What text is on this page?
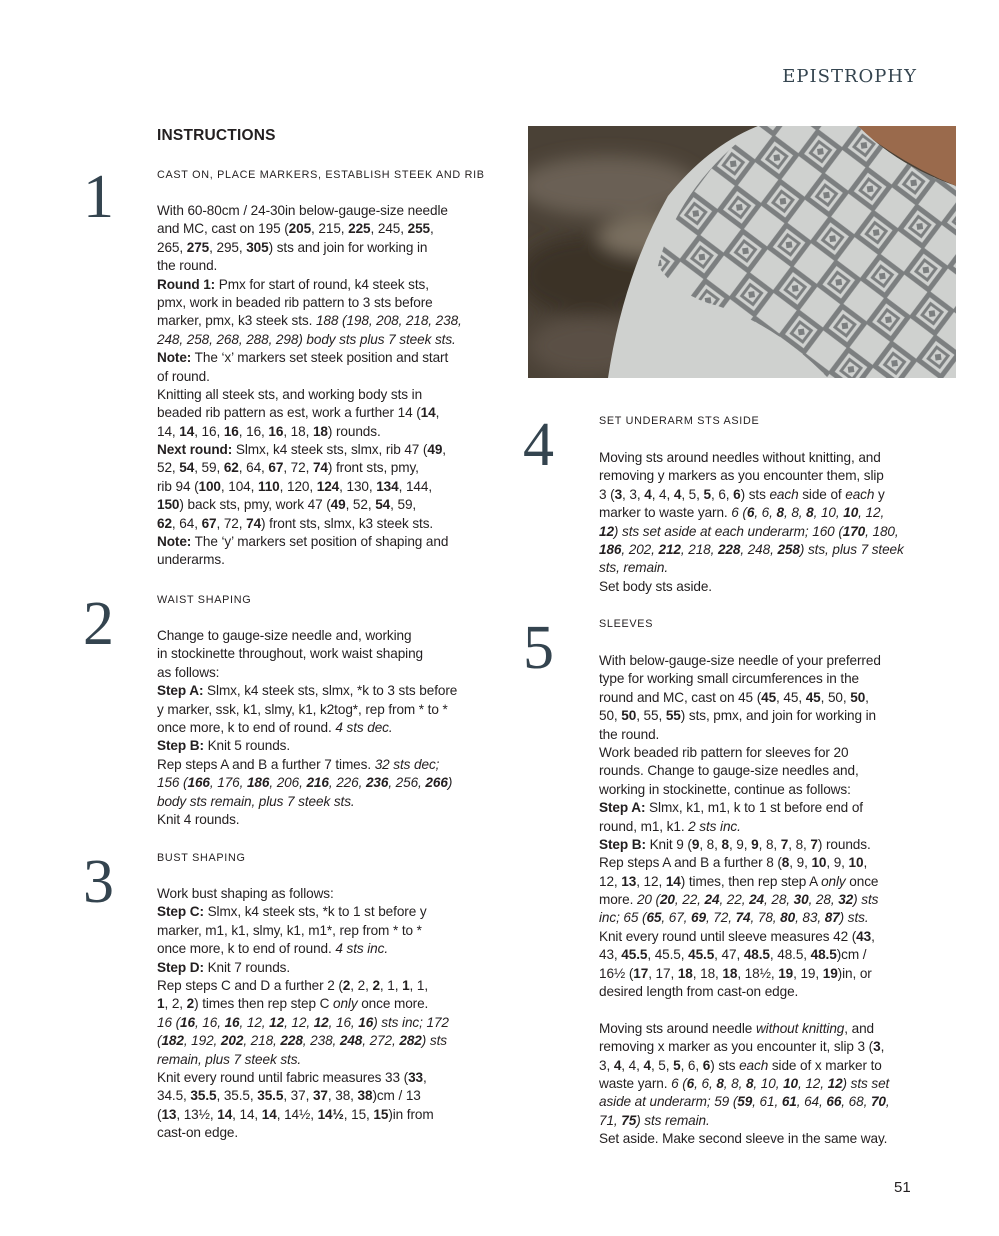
EPISTROPHY
INSTRUCTIONS
1	CAST ON, PLACE MARKERS, ESTABLISH STEEK AND RIB
With 60-80cm / 24-30in below-gauge-size needle
and MC, cast on 195 (205, 215, 225, 245, 255,
265, 275, 295, 305) sts and join for working in
the round.
Round 1: Pmx for start of round, k4 steek sts,
pmx, work in beaded rib pattern to 3 sts before
marker, pmx, k3 steek sts. 188 (198, 208, 218, 238,
248, 258, 268, 288, 298) body sts plus 7 steek sts.
Note: The ‘x’ markers set steek position and start
of round.
Knitting all steek sts, and working body sts in
beaded rib pattern as est, work a further 14 (14,
14, 14, 16, 16, 16, 16, 18, 18) rounds.
Next round: Slmx, k4 steek sts, slmx, rib 47 (49,
52, 54, 59, 62, 64, 67, 72, 74) front sts, pmy,
rib 94 (100, 104, 110, 120, 124, 130, 134, 144,
150) back sts, pmy, work 47 (49, 52, 54, 59,
62, 64, 67, 72, 74) front sts, slmx, k3 steek sts.
Note: The ‘y’ markers set position of shaping and
underarms.
2	WAIST SHAPING
Change to gauge-size needle and, working
in stockinette throughout, work waist shaping
as follows:
Step A: Slmx, k4 steek sts, slmx, *k to 3 sts before
y marker, ssk, k1, slmy, k1, k2tog*, rep from * to *
once more, k to end of round. 4 sts dec.
Step B: Knit 5 rounds.
Rep steps A and B a further 7 times. 32 sts dec;
156 (166, 176, 186, 206, 216, 226, 236, 256, 266)
body sts remain, plus 7 steek sts.
Knit 4 rounds.
3	BUST SHAPING
Work bust shaping as follows:
Step C: Slmx, k4 steek sts, *k to 1 st before y
marker, m1, k1, slmy, k1, m1*, rep from * to *
once more, k to end of round. 4 sts inc.
Step D: Knit 7 rounds.
Rep steps C and D a further 2 (2, 2, 2, 1, 1, 1,
1, 2, 2) times then rep step C only once more.
16 (16, 16, 16, 12, 12, 12, 12, 16, 16) sts inc; 172
(182, 192, 202, 218, 228, 238, 248, 272, 282) sts
remain, plus 7 steek sts.
Knit every round until fabric measures 33 (33,
34.5, 35.5, 35.5, 35.5, 37, 37, 38, 38)cm / 13
(13, 13½, 14, 14, 14, 14½, 14½, 15, 15)in from
cast-on edge.
4	SET UNDERARM STS ASIDE
Moving sts around needles without knitting, and
removing y markers as you encounter them, slip
3 (3, 3, 4, 4, 4, 5, 5, 6, 6) sts each side of each y
marker to waste yarn. 6 (6, 6, 8, 8, 8, 10, 10, 12,
12) sts set aside at each underarm; 160 (170, 180,
186, 202, 212, 218, 228, 248, 258) sts, plus 7 steek
sts, remain.
Set body sts aside.
5	SLEEVES
With below-gauge-size needle of your preferred
type for working small circumferences in the
round and MC, cast on 45 (45, 45, 45, 50, 50,
50, 50, 55, 55) sts, pmx, and join for working in
the round.
Work beaded rib pattern for sleeves for 20
rounds. Change to gauge-size needles and,
working in stockinette, continue as follows:
Step A: Slmx, k1, m1, k to 1 st before end of
round, m1, k1. 2 sts inc.
Step B: Knit 9 (9, 8, 8, 9, 9, 8, 7, 8, 7) rounds.
Rep steps A and B a further 8 (8, 9, 10, 9, 10,
12, 13, 12, 14) times, then rep step A only once
more. 20 (20, 22, 24, 22, 24, 28, 30, 28, 32) sts
inc; 65 (65, 67, 69, 72, 74, 78, 80, 83, 87) sts.
Knit every round until sleeve measures 42 (43,
43, 45.5, 45.5, 45.5, 47, 48.5, 48.5, 48.5)cm /
16½ (17, 17, 18, 18, 18, 18½, 19, 19, 19)in, or
desired length from cast-on edge.
Moving sts around needle without knitting, and
removing x marker as you encounter it, slip 3 (3,
3, 4, 4, 4, 5, 5, 6, 6) sts each side of x marker to
waste yarn. 6 (6, 6, 8, 8, 8, 10, 10, 12, 12) sts set
aside at underarm; 59 (59, 61, 61, 64, 66, 68, 70,
71, 75) sts remain.
Set aside. Make second sleeve in the same way.
51
